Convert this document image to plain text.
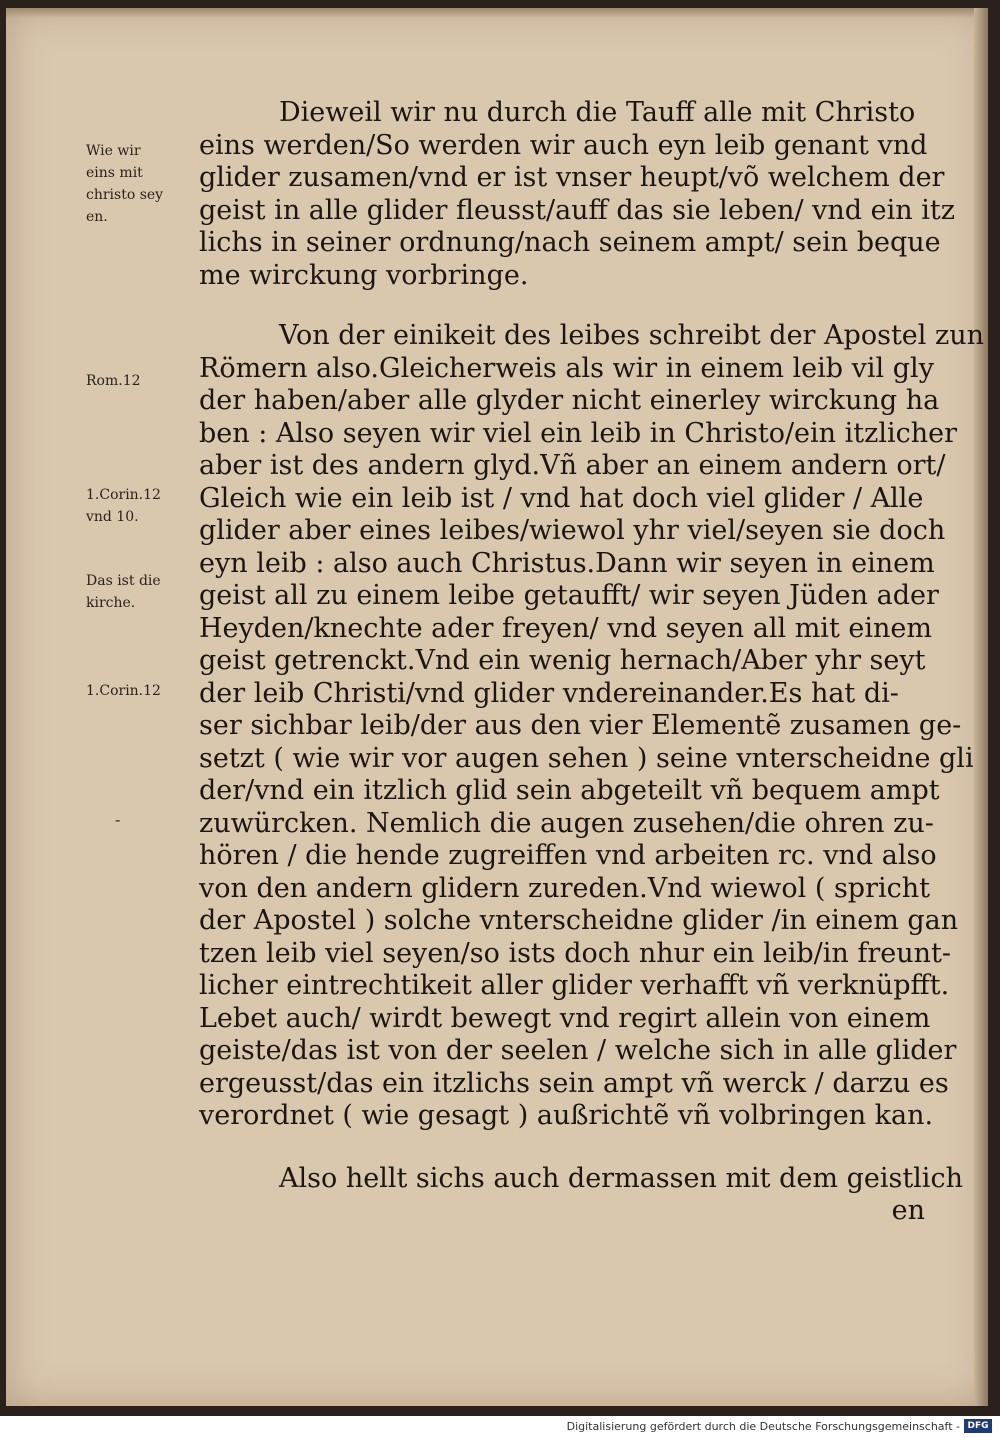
Wie wir
eins mit
christo sey
en.
Rom.12
1.Corin.12
vnd 10.
Das ist die
kirche.
1.Corin.12
-
Dieweil wir nu durch die Tauff alle mit Christo
eins werden/So werden wir auch eyn leib genant vnd
glider zusamen/vnd er ist vnser heupt/võ welchem der
geist in alle glider fleusst/auff das sie leben/ vnd ein itz
lichs in seiner ordnung/nach seinem ampt/ sein beque
me wirckung vorbringe.
Von der einikeit des leibes schreibt der Apostel zun
Römern also.Gleicherweis als wir in einem leib vil gly
der haben/aber alle glyder nicht einerley wirckung ha
ben : Also seyen wir viel ein leib in Christo/ein itzlicher
aber ist des andern glyd.Vñ aber an einem andern ort/
Gleich wie ein leib ist / vnd hat doch viel glider / Alle
glider aber eines leibes/wiewol yhr viel/seyen sie doch
eyn leib : also auch Christus.Dann wir seyen in einem
geist all zu einem leibe getaufft/ wir seyen Jüden ader
Heyden/knechte ader freyen/ vnd seyen all mit einem
geist getrenckt.Vnd ein wenig hernach/Aber yhr seyt
der leib Christi/vnd glider vndereinander.Es hat di-
ser sichbar leib/der aus den vier Elementẽ zusamen ge-
setzt ( wie wir vor augen sehen ) seine vnterscheidne gli
der/vnd ein itzlich glid sein abgeteilt vñ bequem ampt
zuwürcken. Nemlich die augen zusehen/die ohren zu-
hören / die hende zugreiffen vnd arbeiten rc. vnd also
von den andern glidern zureden.Vnd wiewol ( spricht
der Apostel ) solche vnterscheidne glider /in einem gan
tzen leib viel seyen/so ists doch nhur ein leib/in freunt-
licher eintrechtikeit aller glider verhafft vñ verknüpfft.
Lebet auch/ wirdt bewegt vnd regirt allein von einem
geiste/das ist von der seelen / welche sich in alle glider
ergeusst/das ein itzlichs sein ampt vñ werck / darzu es
verordnet ( wie gesagt ) außrichtẽ vñ volbringen kan.
Also hellt sichs auch dermassen mit dem geistlich
en
Digitalisierung gefördert durch die Deutsche Forschungsgemeinschaft - DFG
